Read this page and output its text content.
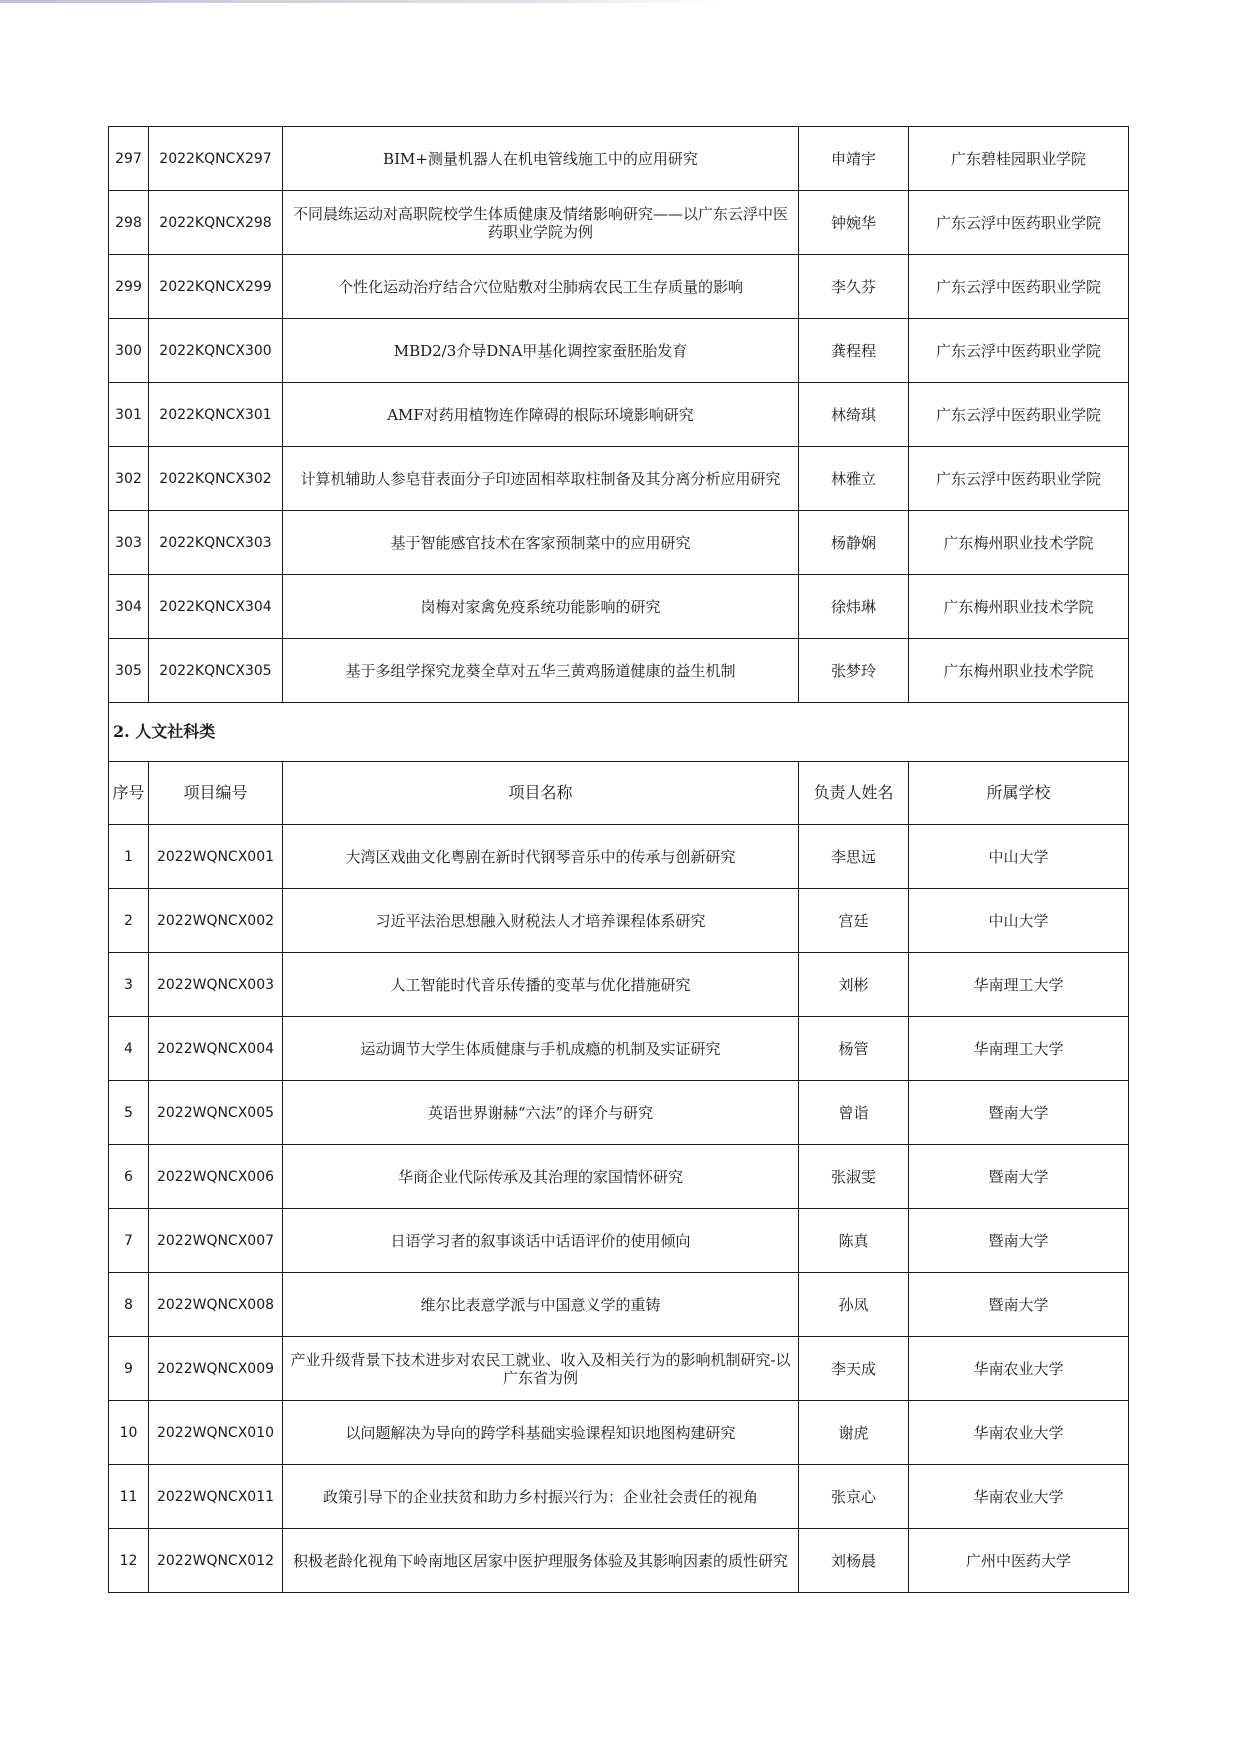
297	2022KQNCX297	BIM+测量机器人在机电管线施工中的应用研究	申靖宇	广东碧桂园职业学院
298	2022KQNCX298	不同晨练运动对高职院校学生体质健康及情绪影响研究——以广东云浮中医药职业学院为例	钟婉华	广东云浮中医药职业学院
299	2022KQNCX299	个性化运动治疗结合穴位贴敷对尘肺病农民工生存质量的影响	李久芬	广东云浮中医药职业学院
300	2022KQNCX300	MBD2/3介导DNA甲基化调控家蚕胚胎发育	龚程程	广东云浮中医药职业学院
301	2022KQNCX301	AMF对药用植物连作障碍的根际环境影响研究	林绮琪	广东云浮中医药职业学院
302	2022KQNCX302	计算机辅助人参皂苷表面分子印迹固相萃取柱制备及其分离分析应用研究	林雅立	广东云浮中医药职业学院
303	2022KQNCX303	基于智能感官技术在客家预制菜中的应用研究	杨静娴	广东梅州职业技术学院
304	2022KQNCX304	岗梅对家禽免疫系统功能影响的研究	徐炜琳	广东梅州职业技术学院
305	2022KQNCX305	基于多组学探究龙葵全草对五华三黄鸡肠道健康的益生机制	张梦玲	广东梅州职业技术学院
2. 人文社科类				
序号	项目编号	项目名称	负责人姓名	所属学校
1	2022WQNCX001	大湾区戏曲文化粤剧在新时代钢琴音乐中的传承与创新研究	李思远	中山大学
2	2022WQNCX002	习近平法治思想融入财税法人才培养课程体系研究	宫廷	中山大学
3	2022WQNCX003	人工智能时代音乐传播的变革与优化措施研究	刘彬	华南理工大学
4	2022WQNCX004	运动调节大学生体质健康与手机成瘾的机制及实证研究	杨管	华南理工大学
5	2022WQNCX005	英语世界谢赫“六法”的译介与研究	曾诣	暨南大学
6	2022WQNCX006	华商企业代际传承及其治理的家国情怀研究	张淑雯	暨南大学
7	2022WQNCX007	日语学习者的叙事谈话中话语评价的使用倾向	陈真	暨南大学
8	2022WQNCX008	维尔比表意学派与中国意义学的重铸	孙凤	暨南大学
9	2022WQNCX009	产业升级背景下技术进步对农民工就业、收入及相关行为的影响机制研究-以广东省为例	李天成	华南农业大学
10	2022WQNCX010	以问题解决为导向的跨学科基础实验课程知识地图构建研究	谢虎	华南农业大学
11	2022WQNCX011	政策引导下的企业扶贫和助力乡村振兴行为：企业社会责任的视角	张京心	华南农业大学
12	2022WQNCX012	积极老龄化视角下岭南地区居家中医护理服务体验及其影响因素的质性研究	刘杨晨	广州中医药大学
